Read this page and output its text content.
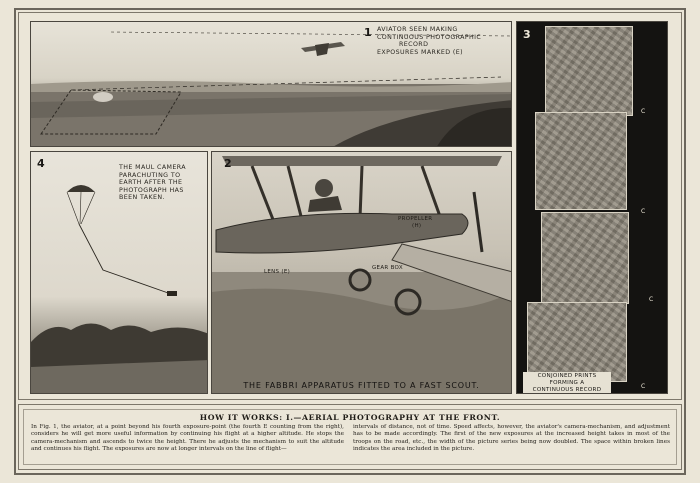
1 AVIATOR SEEN MAKING
CONTINUOUS PHOTOGRAPHIC
RECORD
EXPOSURES MARKED (E)
4	THE MAUL CAMERA
PARACHUTING TO
EARTH AFTER THE
PHOTOGRAPH HAS
BEEN TAKEN.
2
PROPELLER
(H)
GEAR BOX
LENS (E)
THE FABBRI APPARATUS FITTED TO A FAST SCOUT.
3
C
C
C
C
CONJOINED PRINTS
FORMING A
CONTINUOUS RECORD
HOW IT WORKS: I.—AERIAL PHOTOGRAPHY AT THE FRONT.
In Fig. 1, the aviator, at a point beyond his fourth exposure-point (the fourth E counting from the right), considers he will get more useful information by continuing his flight at a higher altitude. He stops the camera-mechanism and ascends to twice the height. There he adjusts the mechanism to suit the altitude and continues his flight. The exposures are now at longer intervals on the line of flight—
intervals of distance, not of time. Speed affects, however, the aviator's camera-mechanism, and adjustment has to be made accordingly. The first of the new exposures at the increased height takes in most of the troops on the road, etc., the width of the picture series being now doubled. The space within broken lines indicates the area included in the picture.
